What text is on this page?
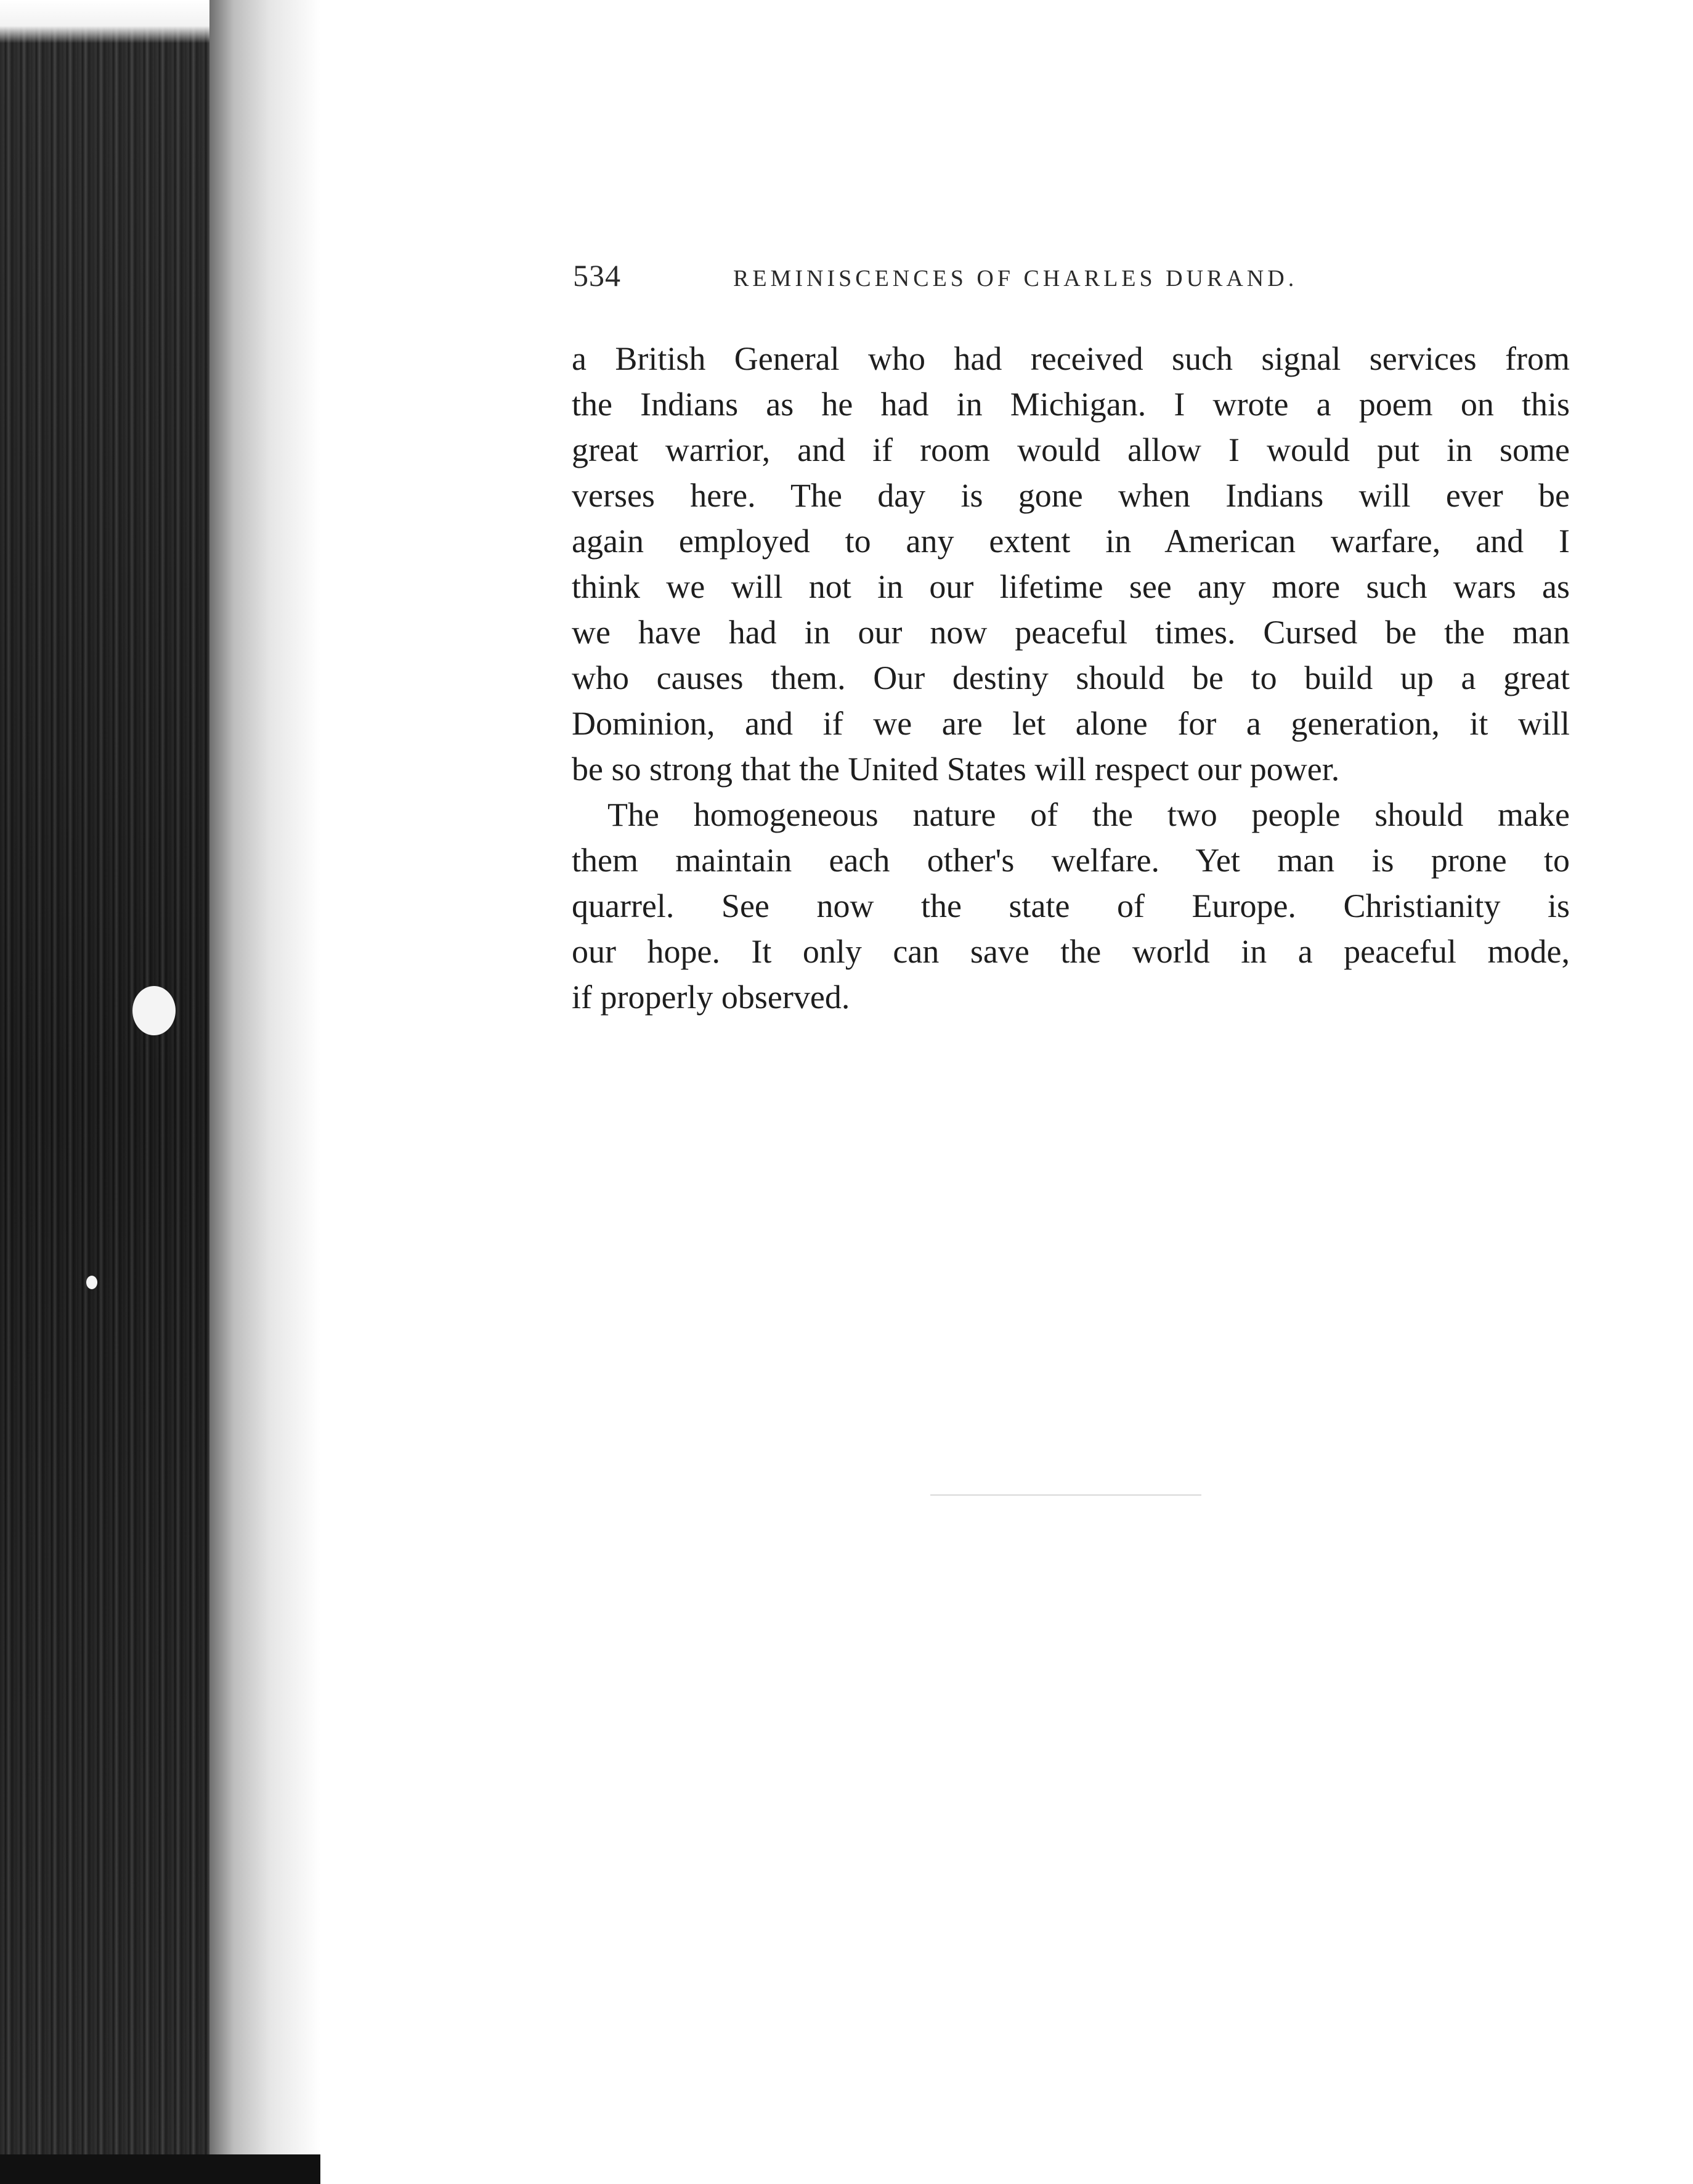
534	REMINISCENCES OF CHARLES DURAND.
a British General who had received such signal services from
the Indians as he had in Michigan. I wrote a poem on this
great warrior, and if room would allow I would put in some
verses here. The day is gone when Indians will ever be
again employed to any extent in American warfare, and I
think we will not in our lifetime see any more such wars as
we have had in our now peaceful times. Cursed be the man
who causes them. Our destiny should be to build up a great
Dominion, and if we are let alone for a generation, it will
be so strong that the United States will respect our power.
The homogeneous nature of the two people should make
them maintain each other's welfare. Yet man is prone to
quarrel. See now the state of Europe. Christianity is
our hope. It only can save the world in a peaceful mode,
if properly observed.
